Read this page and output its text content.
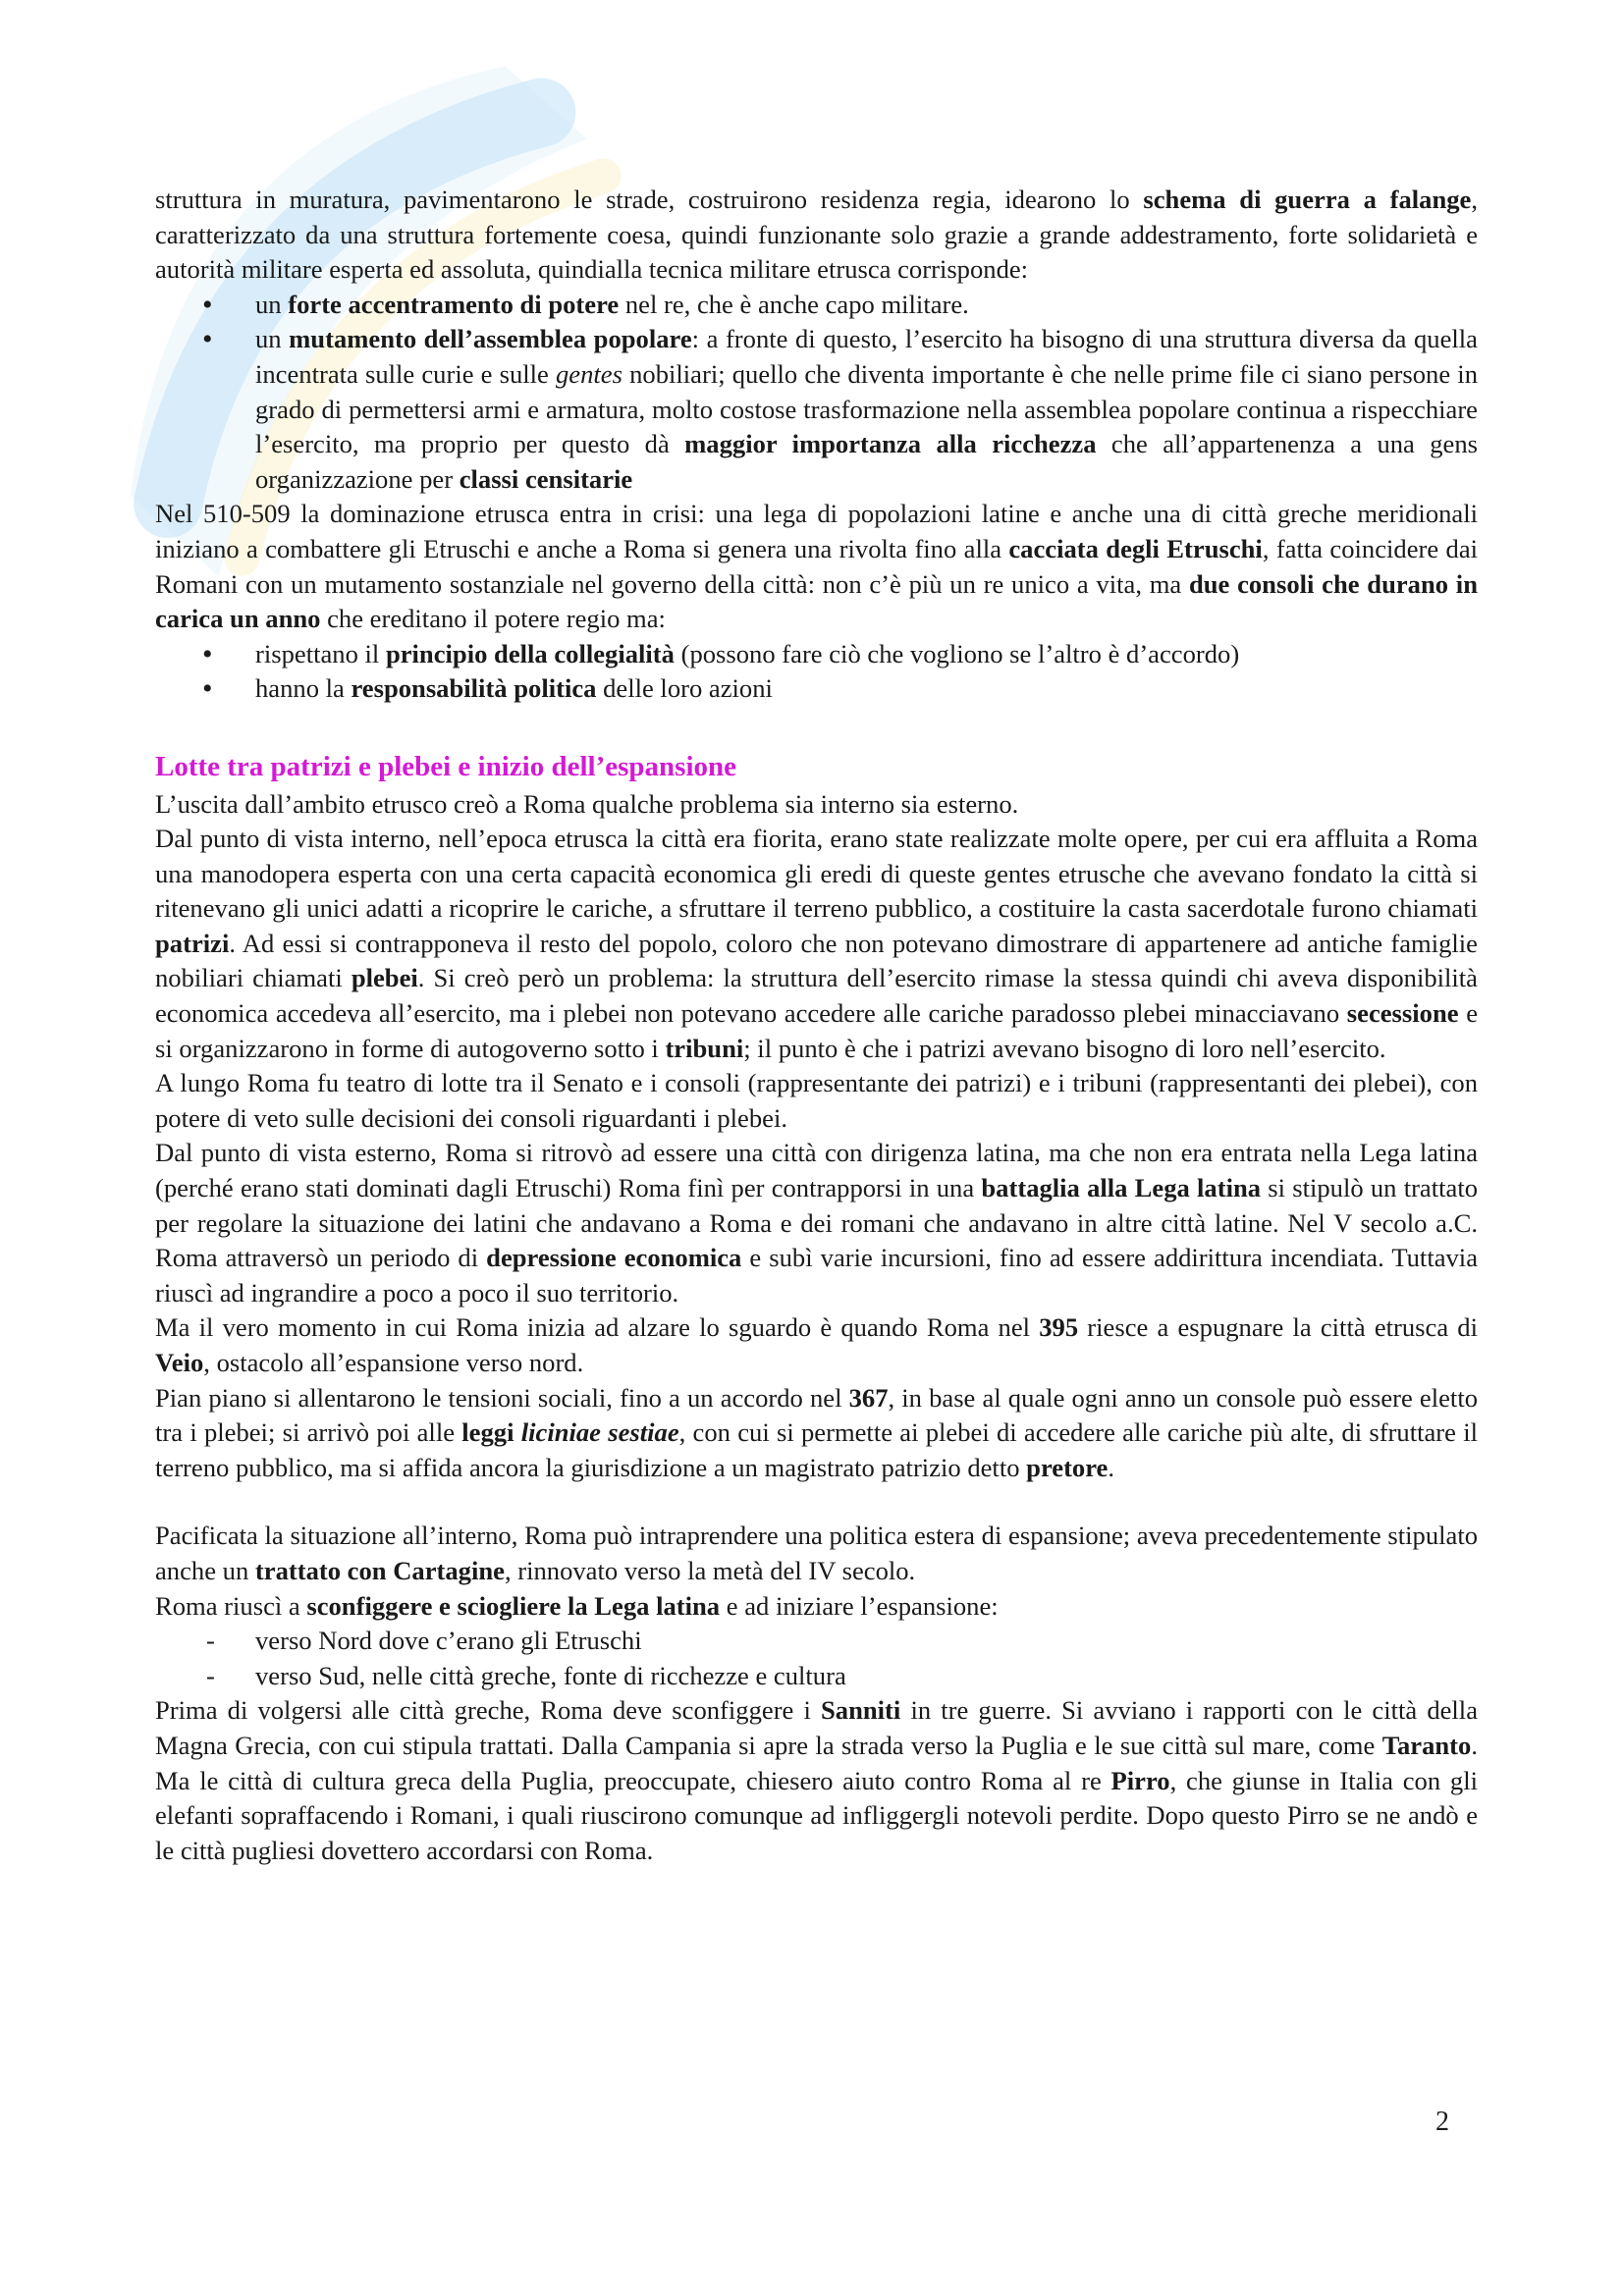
struttura in muratura, pavimentarono le strade, costruirono residenza regia, idearono lo schema di guerra a falange, caratterizzato da una struttura fortemente coesa, quindi funzionante solo grazie a grande addestramento, forte solidarietà e autorità militare esperta ed assoluta, quindialla tecnica militare etrusca corrisponde:

• un forte accentramento di potere nel re, che è anche capo militare.
• un mutamento dell’assemblea popolare: a fronte di questo, l’esercito ha bisogno di una struttura diversa da quella incentrata sulle curie e sulle gentes nobiliari; quello che diventa importante è che nelle prime file ci siano persone in grado di permettersi armi e armatura, molto costose trasformazione nella assemblea popolare continua a rispecchiare l’esercito, ma proprio per questo dà maggior importanza alla ricchezza che all’appartenenza a una gens organizzazione per classi censitarie

Nel 510-509 la dominazione etrusca entra in crisi: una lega di popolazioni latine e anche una di città greche meridionali iniziano a combattere gli Etruschi e anche a Roma si genera una rivolta fino alla cacciata degli Etruschi, fatta coincidere dai Romani con un mutamento sostanziale nel governo della città: non c’è più un re unico a vita, ma due consoli che durano in carica un anno che ereditano il potere regio ma:

• rispettano il principio della collegialità (possono fare ciò che vogliono se l’altro è d’accordo)
• hanno la responsabilità politica delle loro azioni
Lotte tra patrizi e plebei e inizio dell’espansione

L’uscita dall’ambito etrusco creò a Roma qualche problema sia interno sia esterno.

Dal punto di vista interno, nell’epoca etrusca la città era fiorita, erano state realizzate molte opere, per cui era affluita a Roma una manodopera esperta con una certa capacità economica gli eredi di queste gentes etrusche che avevano fondato la città si ritenevano gli unici adatti a ricoprire le cariche, a sfruttare il terreno pubblico, a costituire la casta sacerdotale furono chiamati patrizi. Ad essi si contrapponeva il resto del popolo, coloro che non potevano dimostrare di appartenere ad antiche famiglie nobiliari chiamati plebei. Si creò però un problema: la struttura dell’esercito rimase la stessa quindi chi aveva disponibilità economica accedeva all’esercito, ma i plebei non potevano accedere alle cariche paradosso plebei minacciavano secessione e si organizzarono in forme di autogoverno sotto i tribuni; il punto è che i patrizi avevano bisogno di loro nell’esercito.

A lungo Roma fu teatro di lotte tra il Senato e i consoli (rappresentante dei patrizi) e i tribuni (rappresentanti dei plebei), con potere di veto sulle decisioni dei consoli riguardanti i plebei.

Dal punto di vista esterno, Roma si ritrovò ad essere una città con dirigenza latina, ma che non era entrata nella Lega latina (perché erano stati dominati dagli Etruschi) Roma finì per contrapporsi in una battaglia alla Lega latina si stipulò un trattato per regolare la situazione dei latini che andavano a Roma e dei romani che andavano in altre città latine. Nel V secolo a.C. Roma attraversò un periodo di depressione economica e subì varie incursioni, fino ad essere addirittura incendiata. Tuttavia riuscì ad ingrandire a poco a poco il suo territorio.

Ma il vero momento in cui Roma inizia ad alzare lo sguardo è quando Roma nel 395 riesce a espugnare la città etrusca di Veio, ostacolo all’espansione verso nord.

Pian piano si allentarono le tensioni sociali, fino a un accordo nel 367, in base al quale ogni anno un console può essere eletto tra i plebei; si arrivò poi alle leggi liciniae sestiae, con cui si permette ai plebei di accedere alle cariche più alte, di sfruttare il terreno pubblico, ma si affida ancora la giurisdizione a un magistrato patrizio detto pretore.

Pacificata la situazione all’interno, Roma può intraprendere una politica estera di espansione; aveva precedentemente stipulato anche un trattato con Cartagine, rinnovato verso la metà del IV secolo.

Roma riuscì a sconfiggere e sciogliere la Lega latina e ad iniziare l’espansione:

- verso Nord dove c’erano gli Etruschi
- verso Sud, nelle città greche, fonte di ricchezze e cultura

Prima di volgersi alle città greche, Roma deve sconfiggere i Sanniti in tre guerre. Si avviano i rapporti con le città della Magna Grecia, con cui stipula trattati. Dalla Campania si apre la strada verso la Puglia e le sue città sul mare, come Taranto. Ma le città di cultura greca della Puglia, preoccupate, chiesero aiuto contro Roma al re Pirro, che giunse in Italia con gli elefanti sopraffacendo i Romani, i quali riuscirono comunque ad infliggergli notevoli perdite. Dopo questo Pirro se ne andò e le città pugliesi dovettero accordarsi con Roma.

2
